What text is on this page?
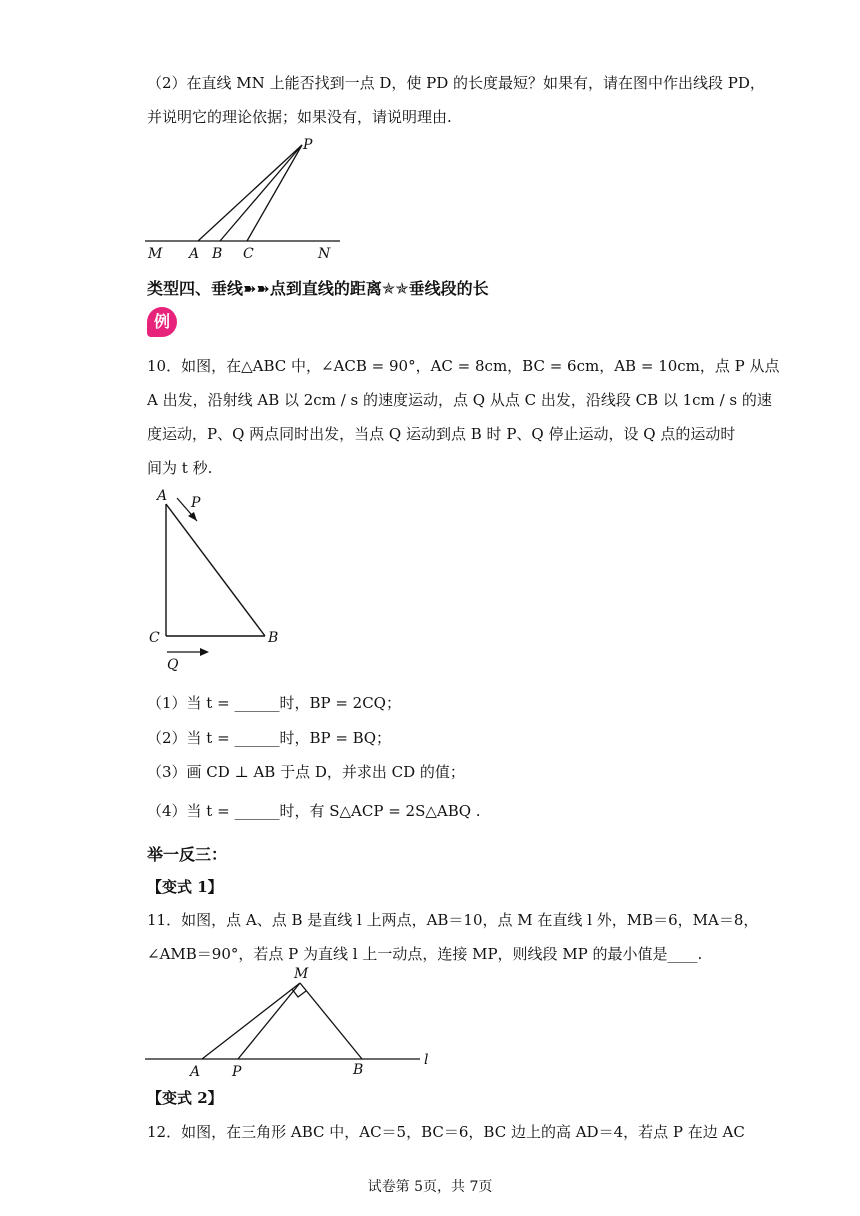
（2）在直线 MN 上能否找到一点 D，使 PD 的长度最短？如果有，请在图中作出线段 PD，
并说明它的理论依据；如果没有，请说明理由.
P
M A B C	N
类型四、垂线➽➽点到直线的距离✯✯垂线段的长
例
10．如图，在△ABC 中，∠ACB = 90°，AC = 8cm，BC = 6cm，AB = 10cm，点 P 从点
A 出发，沿射线 AB 以 2cm / s 的速度运动，点 Q 从点 C 出发，沿线段 CB 以 1cm / s 的速
度运动，P、Q 两点同时出发，当点 Q 运动到点 B 时 P、Q 停止运动，设 Q 点的运动时
间为 t 秒.
A P
C	B
Q
（1）当 t = ______时，BP = 2CQ；
（2）当 t = ______时，BP = BQ；
（3）画 CD ⊥ AB 于点 D，并求出 CD 的值；
（4）当 t = ______时，有 S△ACP = 2S△ABQ .
举一反三：
【变式 1】
11．如图，点 A、点 B 是直线 l 上两点，AB＝10，点 M 在直线 l 外，MB＝6，MA＝8，
∠AMB＝90°，若点 P 为直线 l 上一动点，连接 MP，则线段 MP 的最小值是____.
M
A P	B
l
【变式 2】
12．如图，在三角形 ABC 中，AC＝5，BC＝6，BC 边上的高 AD＝4，若点 P 在边 AC
试卷第 5页，共 7页
